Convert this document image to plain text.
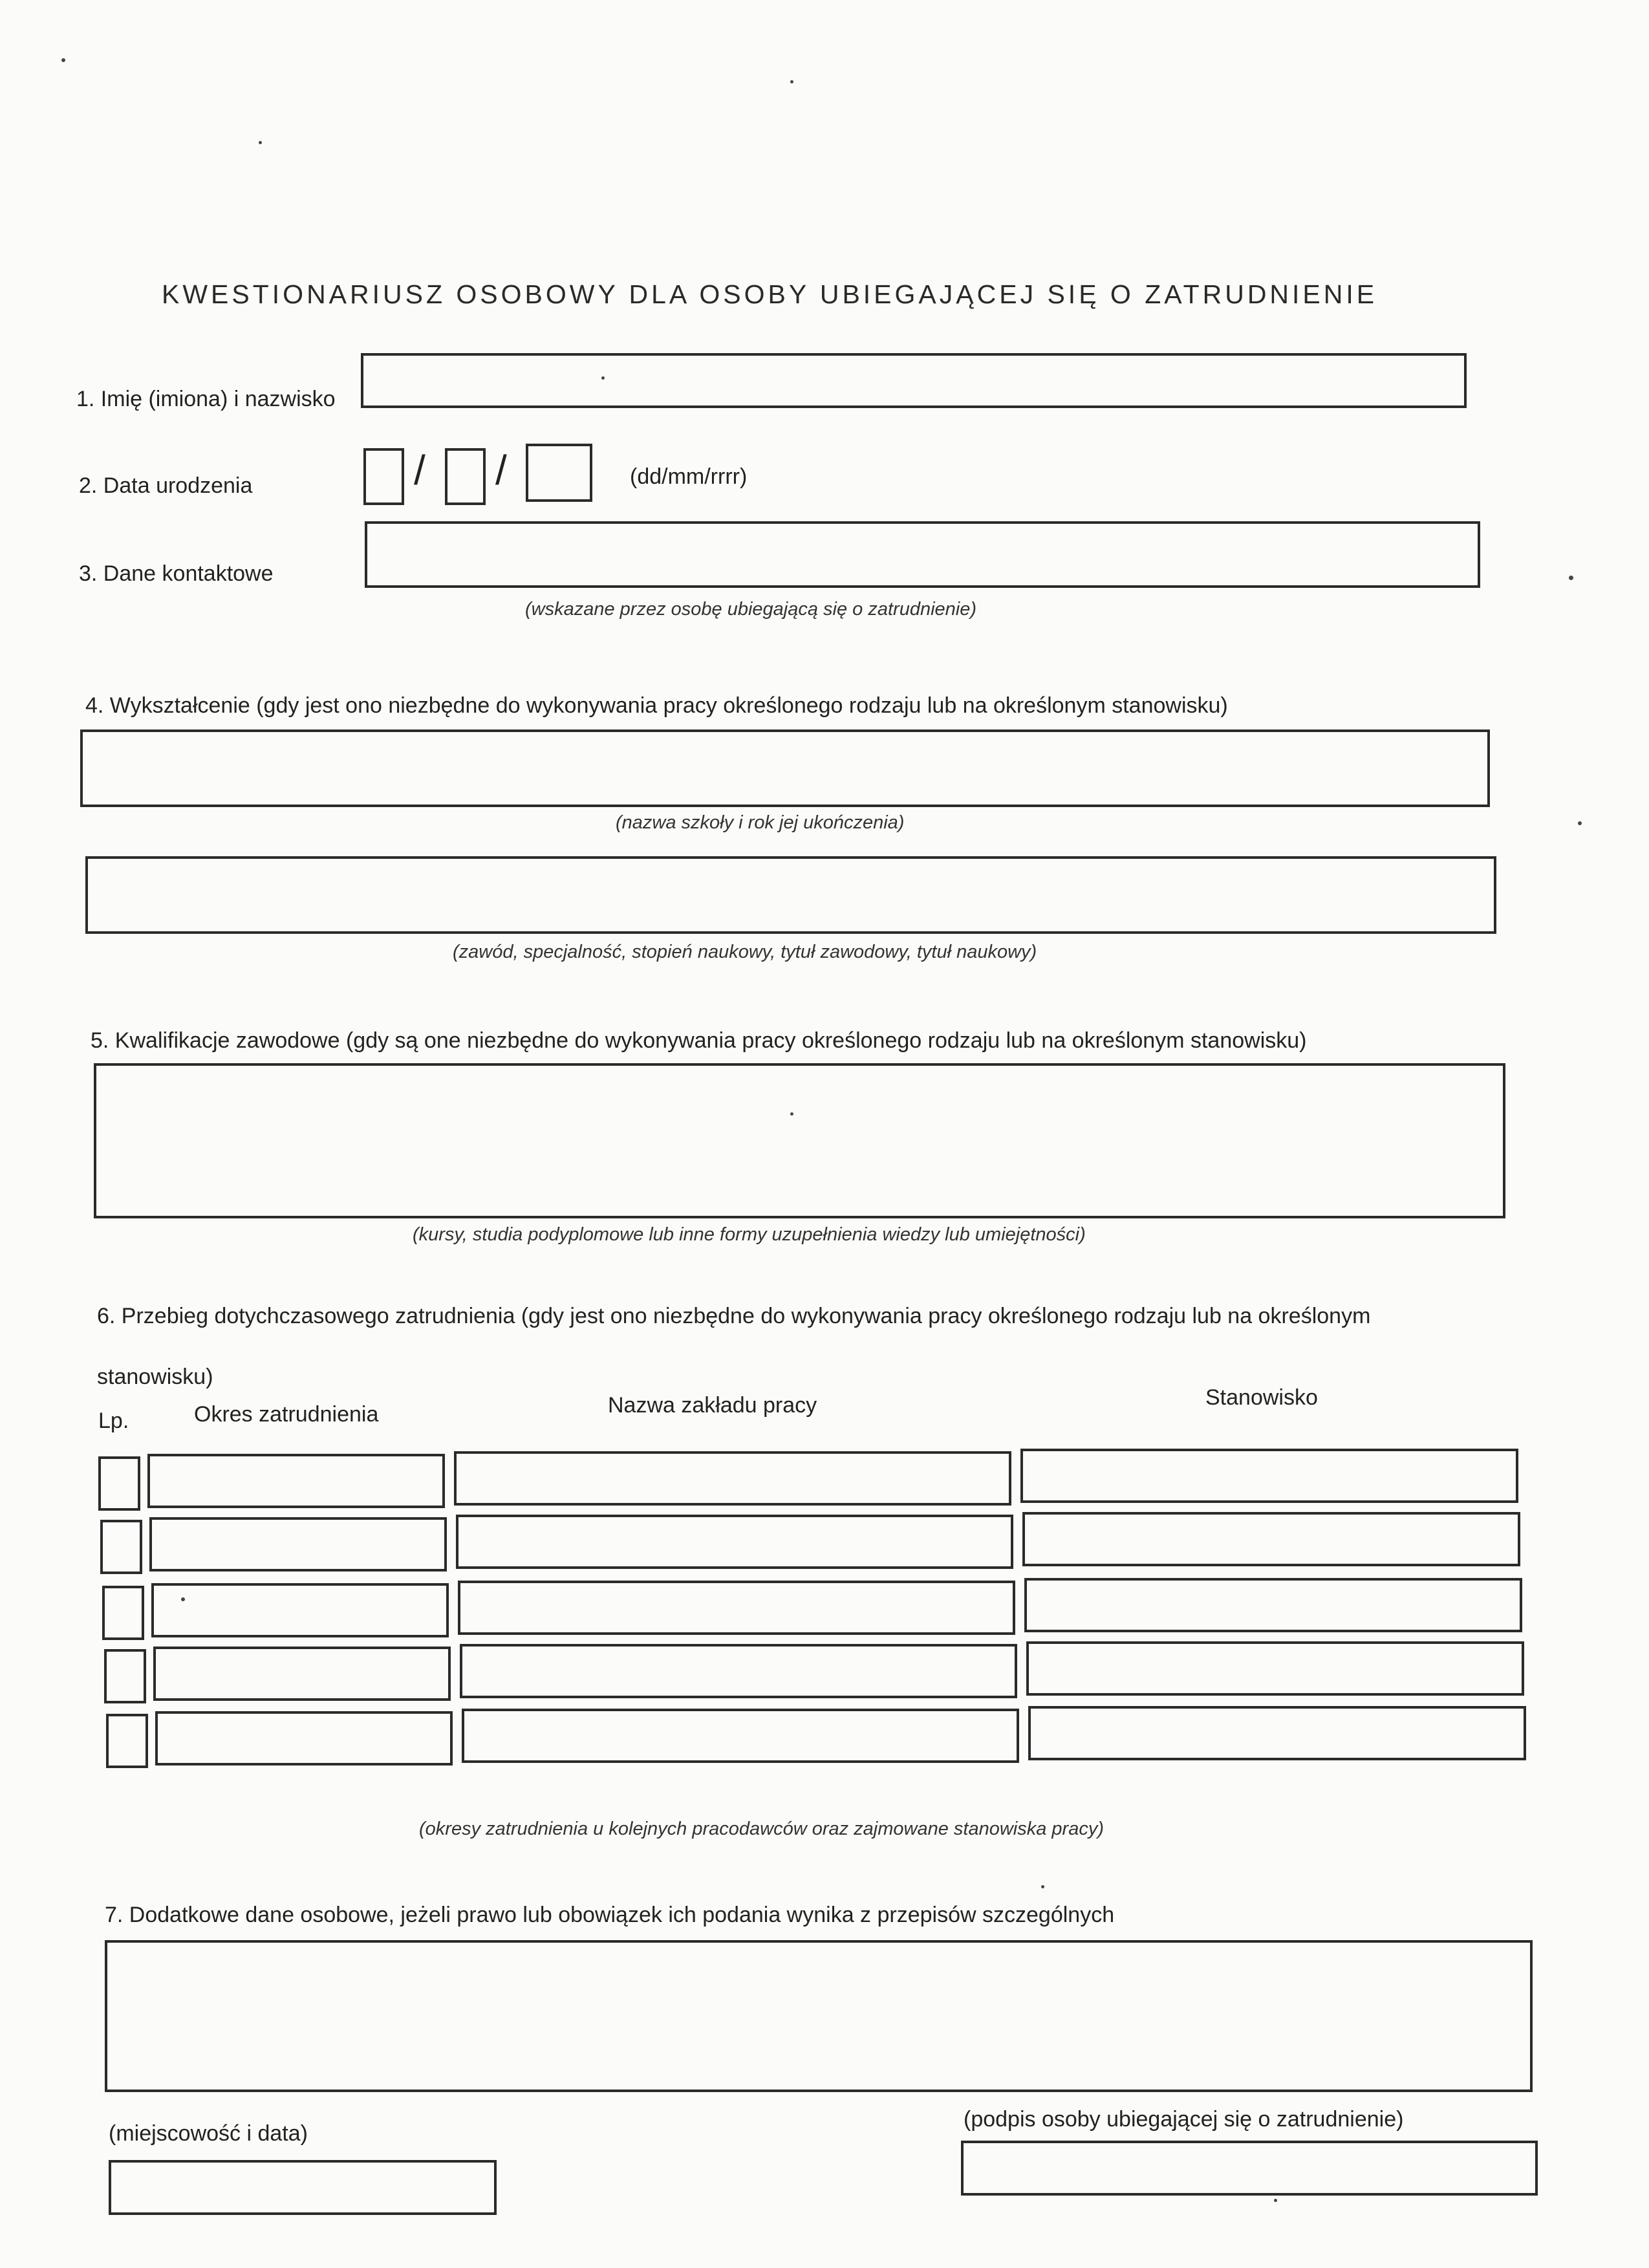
KWESTIONARIUSZ OSOBOWY DLA OSOBY UBIEGAJĄCEJ SIĘ O ZATRUDNIENIE
1. Imię (imiona) i nazwisko
2. Data urodzenia	/ /	(dd/mm/rrrr)
3. Dane kontaktowe
(wskazane przez osobę ubiegającą się o zatrudnienie)
4. Wykształcenie (gdy jest ono niezbędne do wykonywania pracy określonego rodzaju lub na określonym stanowisku)
(nazwa szkoły i rok jej ukończenia)
(zawód, specjalność, stopień naukowy, tytuł zawodowy, tytuł naukowy)
5. Kwalifikacje zawodowe (gdy są one niezbędne do wykonywania pracy określonego rodzaju lub na określonym stanowisku)
(kursy, studia podyplomowe lub inne formy uzupełnienia wiedzy lub umiejętności)
6. Przebieg dotychczasowego zatrudnienia (gdy jest ono niezbędne do wykonywania pracy określonego rodzaju lub na określonym
stanowisku)
Lp.	Okres zatrudnienia	Nazwa zakładu pracy	Stanowisko
(okresy zatrudnienia u kolejnych pracodawców oraz zajmowane stanowiska pracy)
7. Dodatkowe dane osobowe, jeżeli prawo lub obowiązek ich podania wynika z przepisów szczególnych
(miejscowość i data)
(podpis osoby ubiegającej się o zatrudnienie)
